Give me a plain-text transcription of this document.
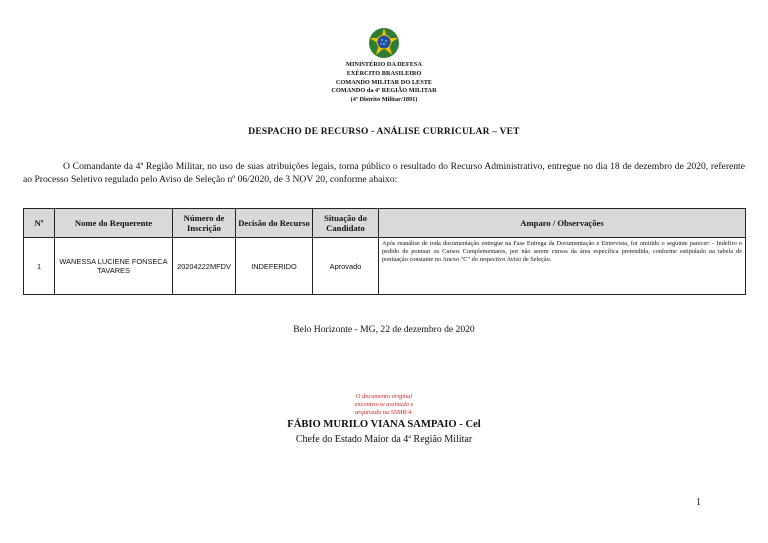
MINISTÉRIO DA DEFESA
EXÉRCITO BRASILEIRO
COMANDO MILITAR DO LESTE
COMANDO da 4ª REGIÃO MILITAR
(4º Distrito Militar/1891)
DESPACHO DE RECURSO - ANÁLISE CURRICULAR – VET
O Comandante da 4ª Região Militar, no uso de suas atribuições legais, torna público o resultado do Recurso Administrativo, entregue no dia 18 de dezembro de 2020, referente ao Processo Seletivo regulado pelo Aviso de Seleção nº 06/2020, de 3 NOV 20, conforme abaixo:
Nº	Nome do Requerente	Número de Inscrição	Decisão do Recurso	Situação do Candidato	Amparo / Observações
1	WANESSA LUCIENE FONSECA TAVARES	20204222MFDV	INDEFERIDO	Aprovado	Após reanálise de toda documentação entregue na Fase Entrega da Documentação e Entrevista, foi omitido o seguinte parecer: - Indefiro o pedido de pontuar os Cursos Complementares, por não serem cursos da área específica pretendida, conforme estipulado na tabela de pontuação constante no Anexo "C" do respectivo Aviso de Seleção.
Belo Horizonte - MG, 22 de dezembro de 2020
O documento original
encontra-se assinado e
arquivado na SSMR/4.
FÁBIO MURILO VIANA SAMPAIO - Cel
Chefe do Estado Maior da 4ª Região Militar
1
